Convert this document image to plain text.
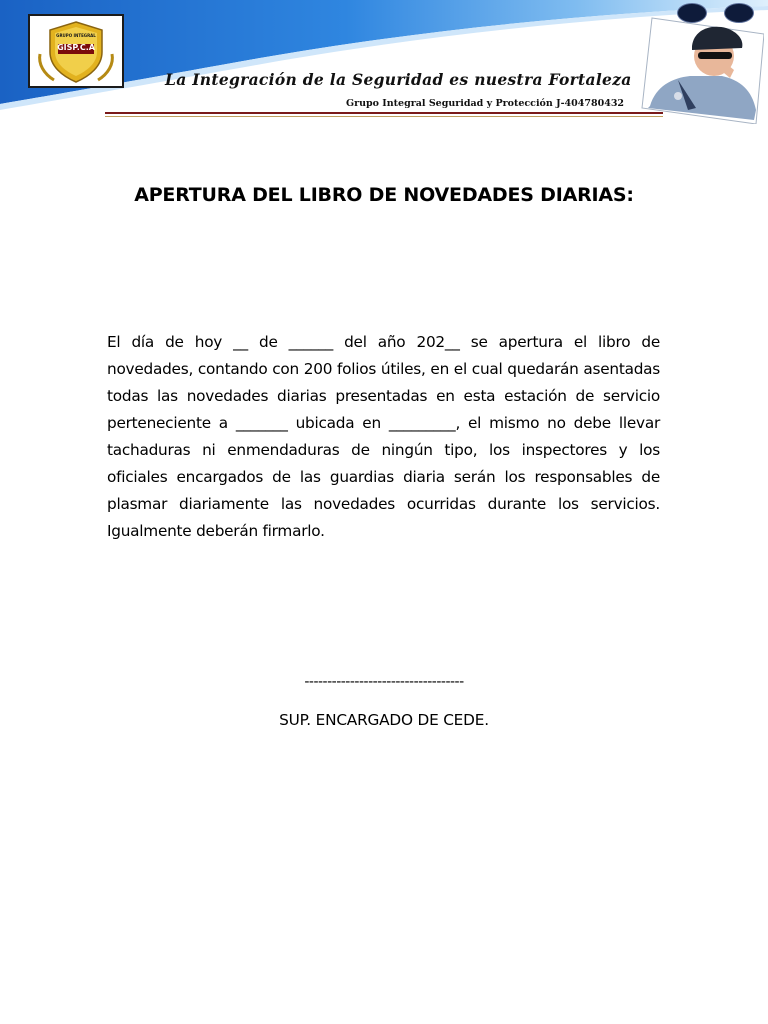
GRUPO INTEGRAL
GISP.C.A
La Integración de la Seguridad es nuestra Fortaleza
Grupo Integral Seguridad y Protección J-404780432
APERTURA DEL LIBRO DE NOVEDADES DIARIAS:
El día de hoy __ de ______ del año 202__ se apertura el libro de novedades, contando con 200 folios útiles, en el cual quedarán asentadas todas las novedades diarias presentadas en esta estación de servicio perteneciente a _______ ubicada en _________, el mismo no debe llevar tachaduras ni enmendaduras de ningún tipo, los inspectores y los oficiales encargados de las guardias diaria serán los responsables de plasmar diariamente las novedades ocurridas durante los servicios. Igualmente deberán firmarlo.
-----------------------------------
SUP. ENCARGADO DE CEDE.
